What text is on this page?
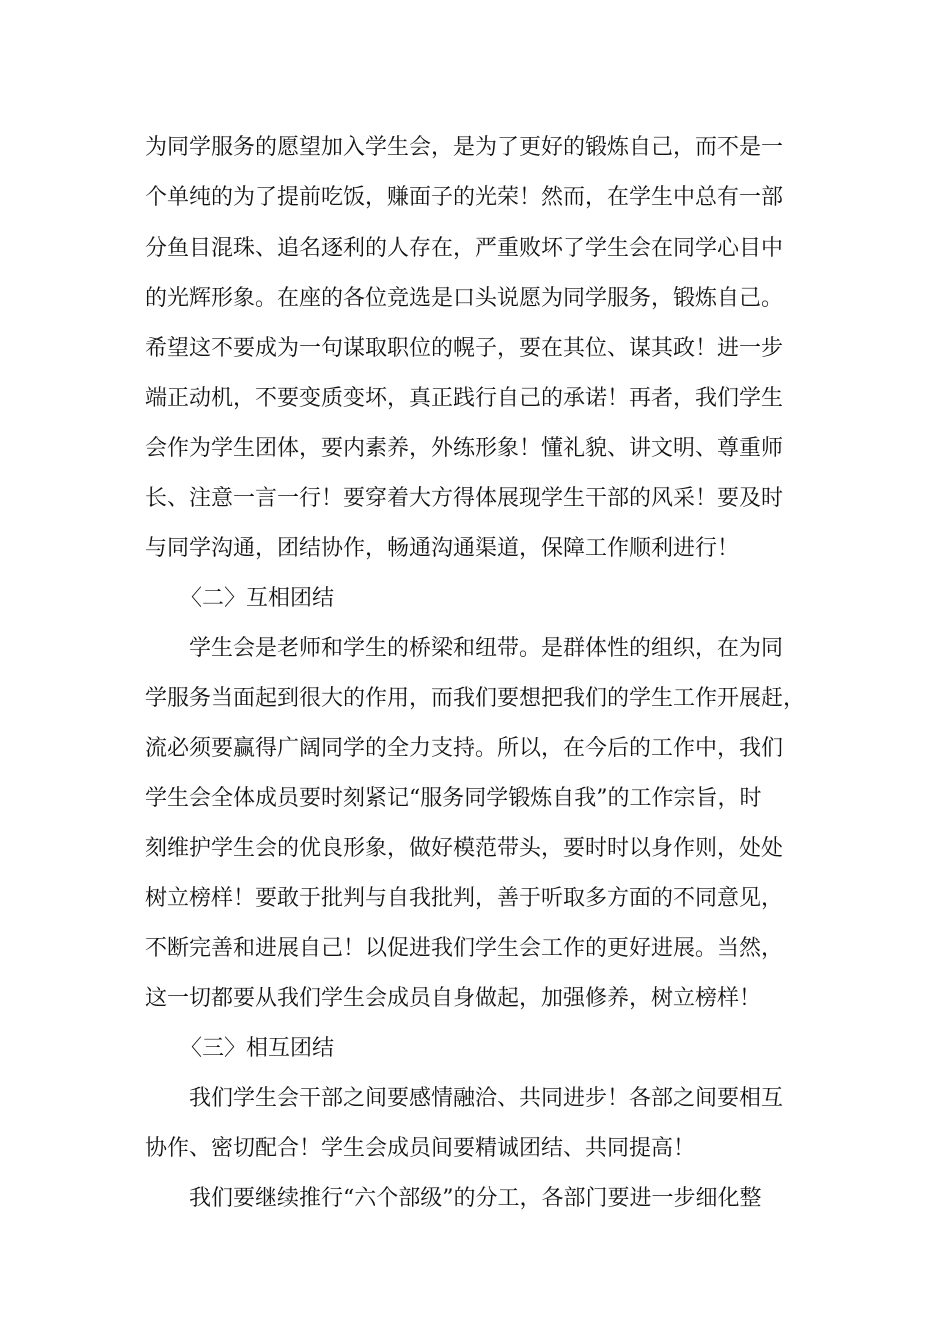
为同学服务的愿望加入学生会，是为了更好的锻炼自己，而不是一
个单纯的为了提前吃饭，赚面子的光荣！然而，在学生中总有一部
分鱼目混珠、追名逐利的人存在，严重败坏了学生会在同学心目中
的光辉形象。在座的各位竞选是口头说愿为同学服务，锻炼自己。
希望这不要成为一句谋取职位的幌子，要在其位、谋其政！进一步
端正动机，不要变质变坏，真正践行自己的承诺！再者，我们学生
会作为学生团体，要内素养，外练形象！懂礼貌、讲文明、尊重师
长、注意一言一行！要穿着大方得体展现学生干部的风采！要及时
与同学沟通，团结协作，畅通沟通渠道，保障工作顺利进行！
〈二〉互相团结
学生会是老师和学生的桥梁和纽带。是群体性的组织，在为同
学服务当面起到很大的作用，而我们要想把我们的学生工作开展赶，
流必须要赢得广阔同学的全力支持。所以，在今后的工作中，我们
学生会全体成员要时刻紧记“服务同学锻炼自我”的工作宗旨，时
刻维护学生会的优良形象，做好模范带头，要时时以身作则，处处
树立榜样！要敢于批判与自我批判，善于听取多方面的不同意见，
不断完善和进展自己！以促进我们学生会工作的更好进展。当然，
这一切都要从我们学生会成员自身做起，加强修养，树立榜样！
〈三〉相互团结
我们学生会干部之间要感情融洽、共同进步！各部之间要相互
协作、密切配合！学生会成员间要精诚团结、共同提高！
我们要继续推行“六个部级”的分工，各部门要进一步细化整
